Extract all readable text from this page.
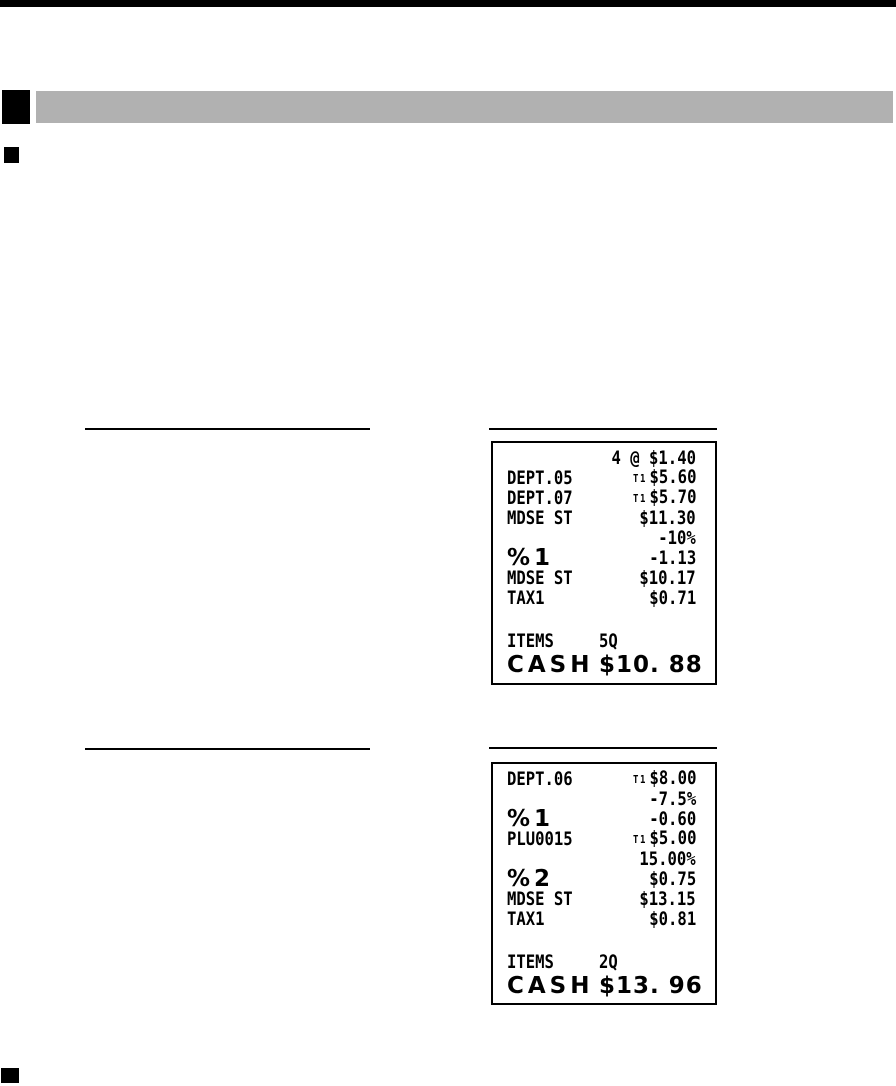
4 @ $1.40
DEPT.05	T1 $5.60
DEPT.07	T1 $5.70
MDSE ST	$11.30
-10%
%1	-1.13
MDSE ST	$10.17
TAX1	$0.71
ITEMS	5Q
CASH $10. 88
DEPT.06	T1 $8.00
-7.5%
%1	-0.60
PLU0015	T1 $5.00
15.00%
%2	$0.75
MDSE ST	$13.15
TAX1	$0.81
ITEMS	2Q
CASH $13. 96
